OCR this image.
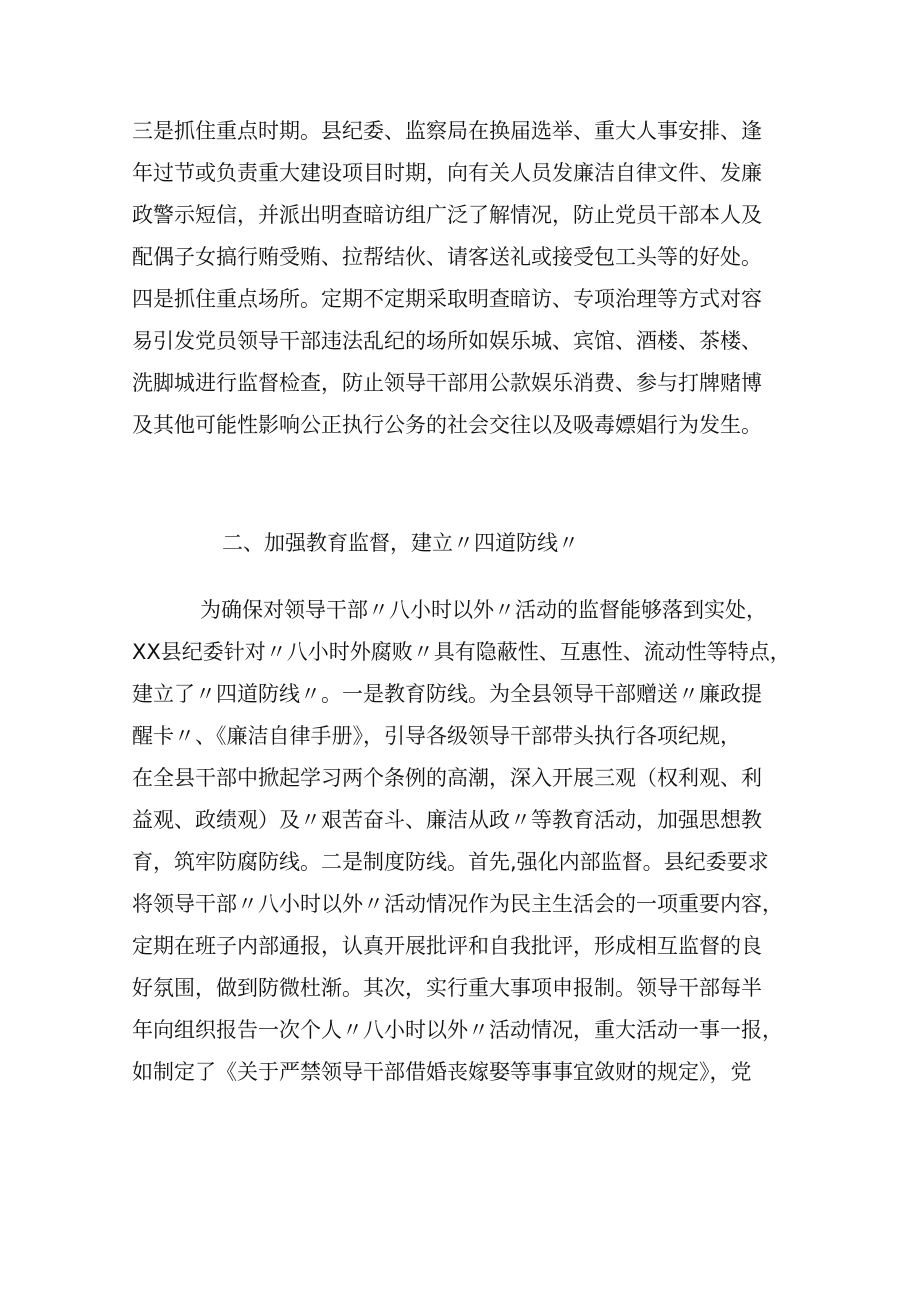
三是抓住重点时期。县纪委、监察局在换届选举、重大人事安排、逢
年过节或负责重大建设项目时期，向有关人员发廉洁自律文件、发廉
政警示短信，并派出明查暗访组广泛了解情况，防止党员干部本人及
配偶子女搞行贿受贿、拉帮结伙、请客送礼或接受包工头等的好处。
四是抓住重点场所。定期不定期采取明查暗访、专项治理等方式对容
易引发党员领导干部违法乱纪的场所如娱乐城、宾馆、酒楼、茶楼、
洗脚城进行监督检查，防止领导干部用公款娱乐消费、参与打牌赌博
及其他可能性影响公正执行公务的社会交往以及吸毒嫖娼行为发生。
二、加强教育监督，建立〃四道防线〃
为确保对领导干部〃八小时以外〃活动的监督能够落到实处，
XX县纪委针对〃八小时外腐败〃具有隐蔽性、互惠性、流动性等特点，
建立了〃四道防线〃。一是教育防线。为全县领导干部赠送〃廉政提
醒卡〃、《廉洁自律手册》，引导各级领导干部带头执行各项纪规，
在全县干部中掀起学习两个条例的高潮，深入开展三观（权利观、利
益观、政绩观）及〃艰苦奋斗、廉洁从政〃等教育活动，加强思想教
育，筑牢防腐防线。二是制度防线。首先,强化内部监督。县纪委要求
将领导干部〃八小时以外〃活动情况作为民主生活会的一项重要内容，
定期在班子内部通报，认真开展批评和自我批评，形成相互监督的良
好氛围，做到防微杜渐。其次，实行重大事项申报制。领导干部每半
年向组织报告一次个人〃八小时以外〃活动情况，重大活动一事一报，
如制定了《关于严禁领导干部借婚丧嫁娶等事事宜敛财的规定》，党
